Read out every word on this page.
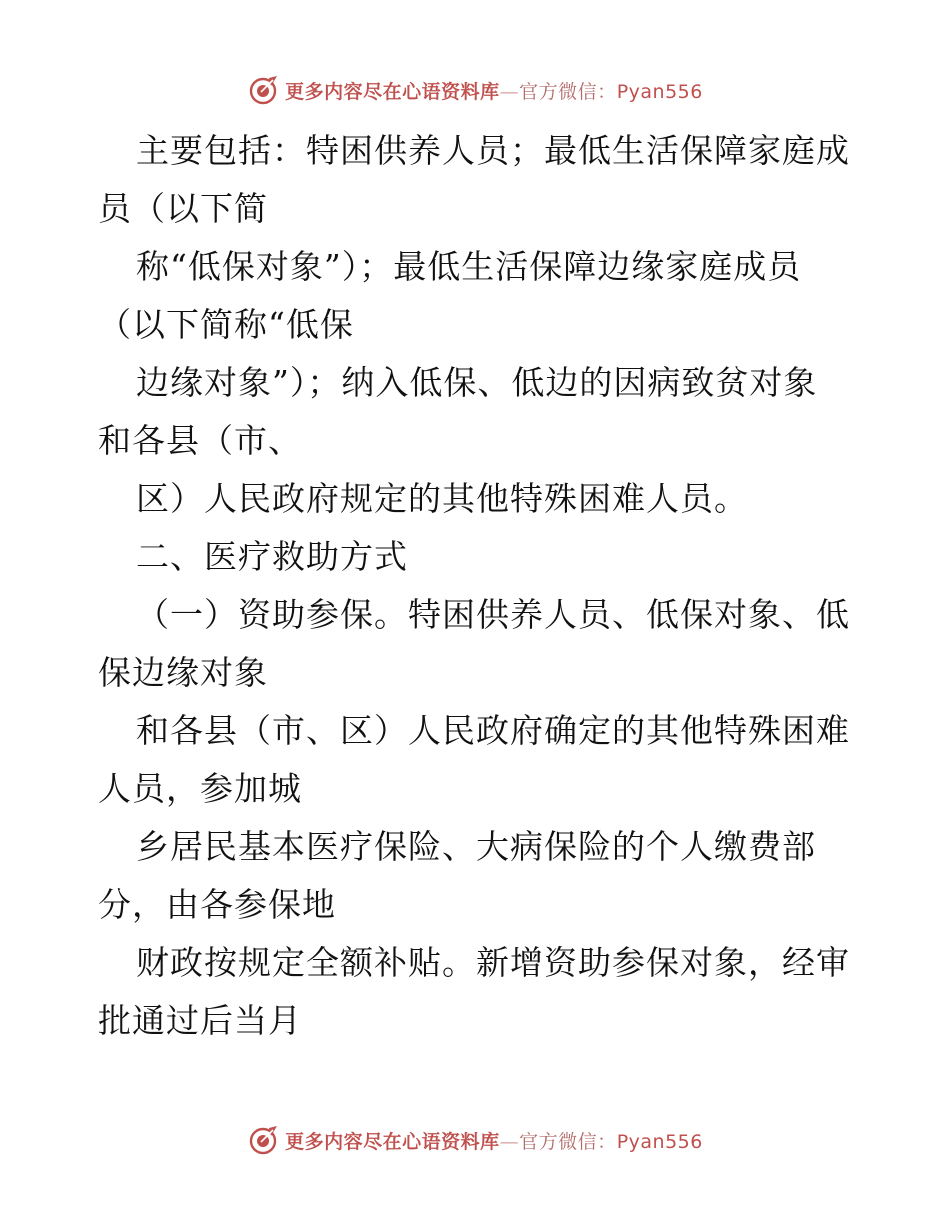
更多内容尽在心语资料库—官方微信：Pyan556
主要包括：特困供养人员；最低生活保障家庭成
员（以下简
称“低保对象”）；最低生活保障边缘家庭成员
（以下简称“低保
边缘对象”）；纳入低保、低边的因病致贫对象
和各县（市、
区）人民政府规定的其他特殊困难人员。
二、医疗救助方式
（一）资助参保。特困供养人员、低保对象、低
保边缘对象
和各县（市、区）人民政府确定的其他特殊困难
人员，参加城
乡居民基本医疗保险、大病保险的个人缴费部
分，由各参保地
财政按规定全额补贴。新增资助参保对象，经审
批通过后当月
更多内容尽在心语资料库—官方微信：Pyan556
